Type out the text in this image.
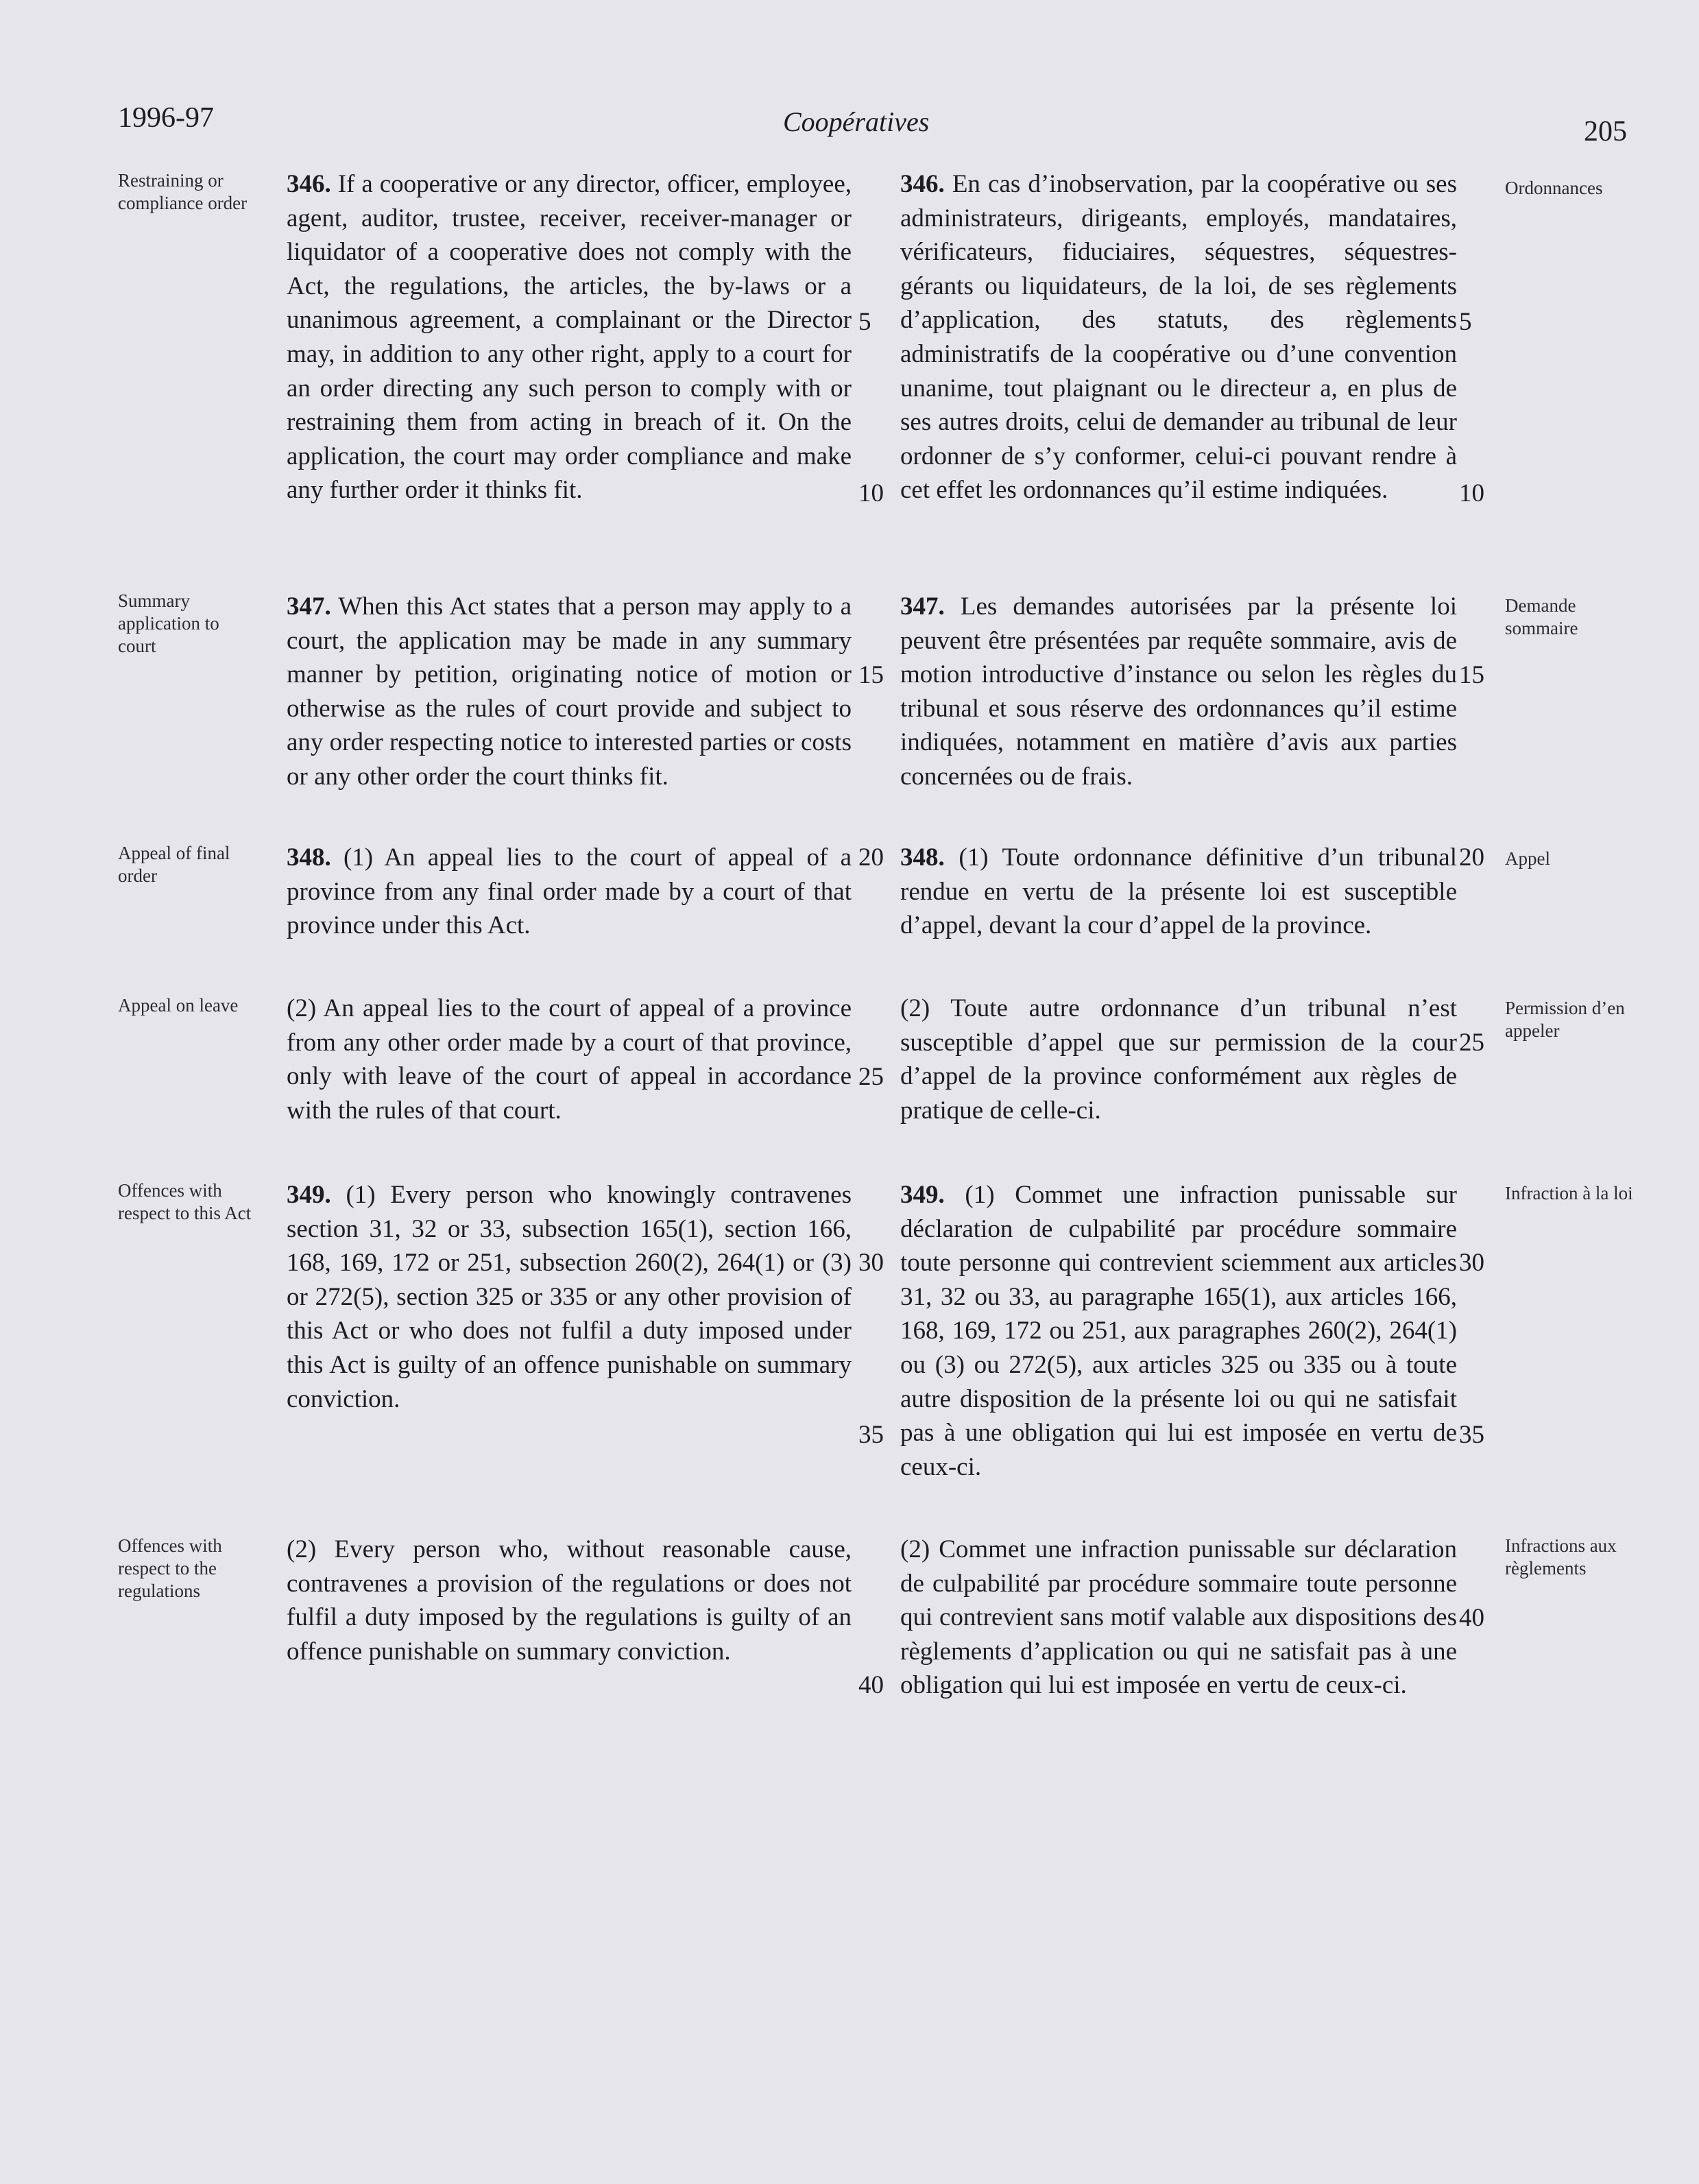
1996-97	Coopératives	205
Restraining or compliance order
Summary application to court
Appeal of final order
Appeal on leave
Offences with respect to this Act
Offences with respect to the regulations
Ordonnances
Demande sommaire
Appel
Permission d’en appeler
Infraction à la loi
Infractions aux règlements
346. If a cooperative or any director, officer, employee, agent, auditor, trustee, receiver, receiver-manager or liquidator of a cooperative does not comply with the Act, the regulations, the articles, the by-laws or a unanimous agreement, a complainant or the Director may, in addition to any other right, apply to a court for an order directing any such person to comply with or restraining them from acting in breach of it. On the application, the court may order compliance and make any further order it thinks fit.
347. When this Act states that a person may apply to a court, the application may be made in any summary manner by petition, originating notice of motion or otherwise as the rules of court provide and subject to any order respecting notice to interested parties or costs or any other order the court thinks fit.
348. (1) An appeal lies to the court of appeal of a province from any final order made by a court of that province under this Act.
(2) An appeal lies to the court of appeal of a province from any other order made by a court of that province, only with leave of the court of appeal in accordance with the rules of that court.
349. (1) Every person who knowingly contravenes section 31, 32 or 33, subsection 165(1), section 166, 168, 169, 172 or 251, subsection 260(2), 264(1) or (3) or 272(5), section 325 or 335 or any other provision of this Act or who does not fulfil a duty imposed under this Act is guilty of an offence punishable on summary conviction.
(2) Every person who, without reasonable cause, contravenes a provision of the regulations or does not fulfil a duty imposed by the regulations is guilty of an offence punishable on summary conviction.
346. En cas d’inobservation, par la coopérative ou ses administrateurs, dirigeants, employés, mandataires, vérificateurs, fiduciaires, séquestres, séquestres-gérants ou liquidateurs, de la loi, de ses règlements d’application, des statuts, des règlements administratifs de la coopérative ou d’une convention unanime, tout plaignant ou le directeur a, en plus de ses autres droits, celui de demander au tribunal de leur ordonner de s’y conformer, celui-ci pouvant rendre à cet effet les ordonnances qu’il estime indiquées.
347. Les demandes autorisées par la présente loi peuvent être présentées par requête sommaire, avis de motion introductive d’instance ou selon les règles du tribunal et sous réserve des ordonnances qu’il estime indiquées, notamment en matière d’avis aux parties concernées ou de frais.
348. (1) Toute ordonnance définitive d’un tribunal rendue en vertu de la présente loi est susceptible d’appel, devant la cour d’appel de la province.
(2) Toute autre ordonnance d’un tribunal n’est susceptible d’appel que sur permission de la cour d’appel de la province conformément aux règles de pratique de celle-ci.
349. (1) Commet une infraction punissable sur déclaration de culpabilité par procédure sommaire toute personne qui contrevient sciemment aux articles 31, 32 ou 33, au paragraphe 165(1), aux articles 166, 168, 169, 172 ou 251, aux paragraphes 260(2), 264(1) ou (3) ou 272(5), aux articles 325 ou 335 ou à toute autre disposition de la présente loi ou qui ne satisfait pas à une obligation qui lui est imposée en vertu de ceux-ci.
(2) Commet une infraction punissable sur déclaration de culpabilité par procédure sommaire toute personne qui contrevient sans motif valable aux dispositions des règlements d’application ou qui ne satisfait pas à une obligation qui lui est imposée en vertu de ceux-ci.
5
10
15
20
25
30
35
40
5
10
15
20
25
30
35
40
